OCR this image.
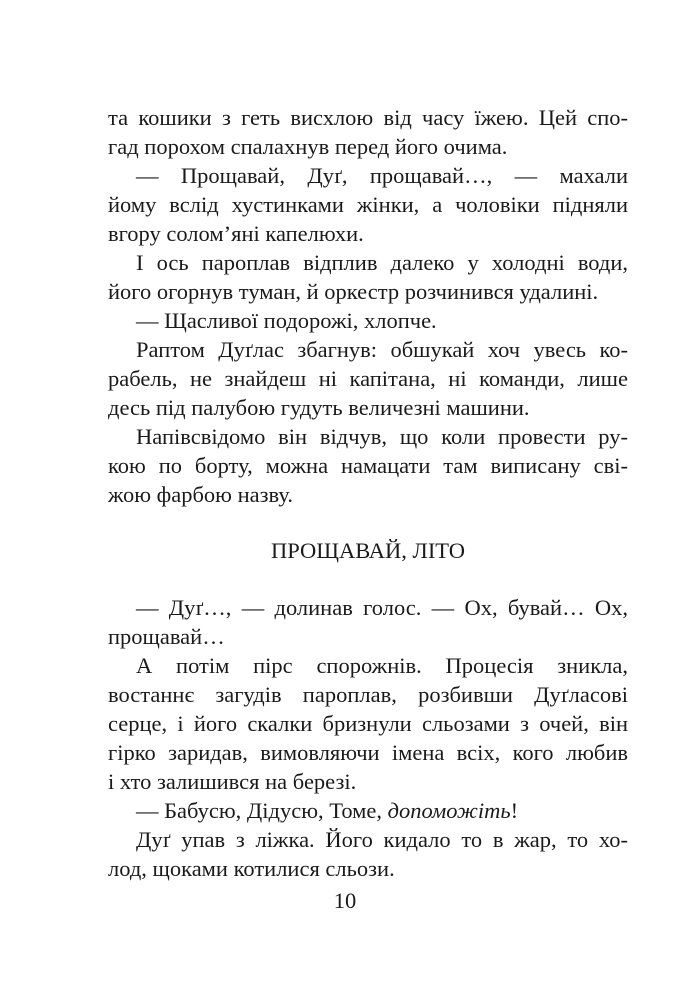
та кошики з геть висхлою від часу їжею. Цей спо-
гад порохом спалахнув перед його очима.

— Прощавай, Дуґ, прощавай…, — махали
йому вслід хустинками жінки, а чоловіки підняли
вгору солом’яні капелюхи.

І ось пароплав відплив далеко у холодні води,
його огорнув туман, й оркестр розчинився удалині.

— Щасливої подорожі, хлопче.

Раптом Дуґлас збагнув: обшукай хоч увесь ко-
рабель, не знайдеш ні капітана, ні команди, лише
десь під палубою гудуть величезні машини.

Напівсвідомо він відчув, що коли провести ру-
кою по борту, можна намацати там виписану сві-
жою фарбою назву.

ПРОЩАВАЙ, ЛІТО

— Дуґ…, — долинав голос. — Ох, бувай… Ох,
прощавай…

А потім пірс спорожнів. Процесія зникла,
востаннє загудів пароплав, розбивши Дуґласові
серце, і його скалки бризнули сльозами з очей, він
гірко заридав, вимовляючи імена всіх, кого любив
і хто залишився на березі.

— Бабусю, Дідусю, Томе, допоможіть!

Дуґ упав з ліжка. Його кидало то в жар, то хо-
лод, щоками котилися сльози.

10
